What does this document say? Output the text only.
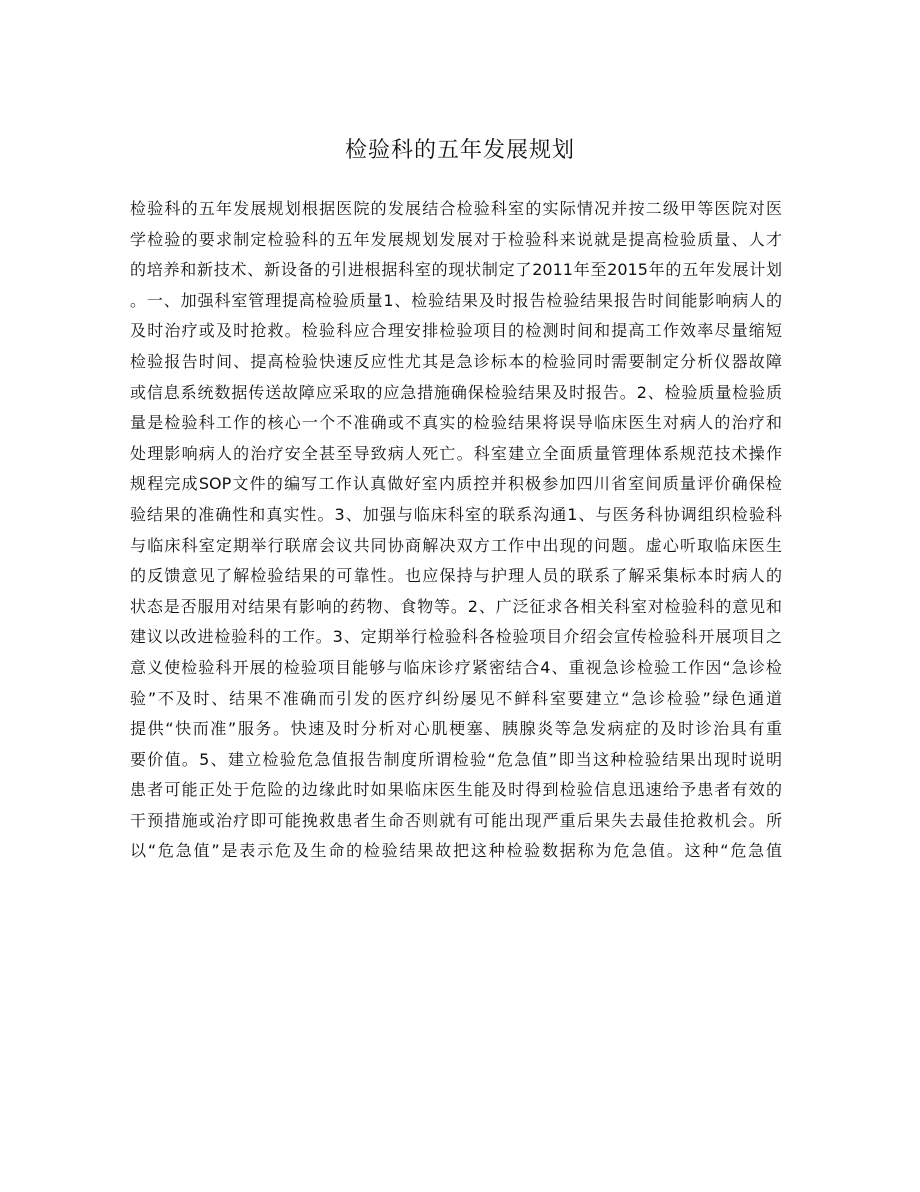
检验科的五年发展规划
检验科的五年发展规划根据医院的发展结合检验科室的实际情况并按二级甲等医院对医
学检验的要求制定检验科的五年发展规划发展对于检验科来说就是提高检验质量、人才
的培养和新技术、新设备的引进根据科室的现状制定了2011年至2015年的五年发展计划
。一、加强科室管理提高检验质量1、检验结果及时报告检验结果报告时间能影响病人的
及时治疗或及时抢救。检验科应合理安排检验项目的检测时间和提高工作效率尽量缩短
检验报告时间、提高检验快速反应性尤其是急诊标本的检验同时需要制定分析仪器故障
或信息系统数据传送故障应采取的应急措施确保检验结果及时报告。2、检验质量检验质
量是检验科工作的核心一个不准确或不真实的检验结果将误导临床医生对病人的治疗和
处理影响病人的治疗安全甚至导致病人死亡。科室建立全面质量管理体系规范技术操作
规程完成SOP文件的编写工作认真做好室内质控并积极参加四川省室间质量评价确保检
验结果的准确性和真实性。3、加强与临床科室的联系沟通1、与医务科协调组织检验科
与临床科室定期举行联席会议共同协商解决双方工作中出现的问题。虚心听取临床医生
的反馈意见了解检验结果的可靠性。也应保持与护理人员的联系了解采集标本时病人的
状态是否服用对结果有影响的药物、食物等。2、广泛征求各相关科室对检验科的意见和
建议以改进检验科的工作。3、定期举行检验科各检验项目介绍会宣传检验科开展项目之
意义使检验科开展的检验项目能够与临床诊疗紧密结合4、重视急诊检验工作因“急诊检
验”不及时、结果不准确而引发的医疗纠纷屡见不鲜科室要建立“急诊检验”绿色通道
提供“快而准”服务。快速及时分析对心肌梗塞、胰腺炎等急发病症的及时诊治具有重
要价值。5、建立检验危急值报告制度所谓检验“危急值”即当这种检验结果出现时说明
患者可能正处于危险的边缘此时如果临床医生能及时得到检验信息迅速给予患者有效的
干预措施或治疗即可能挽救患者生命否则就有可能出现严重后果失去最佳抢救机会。所
以“危急值”是表示危及生命的检验结果故把这种检验数据称为危急值。这种“危急值
